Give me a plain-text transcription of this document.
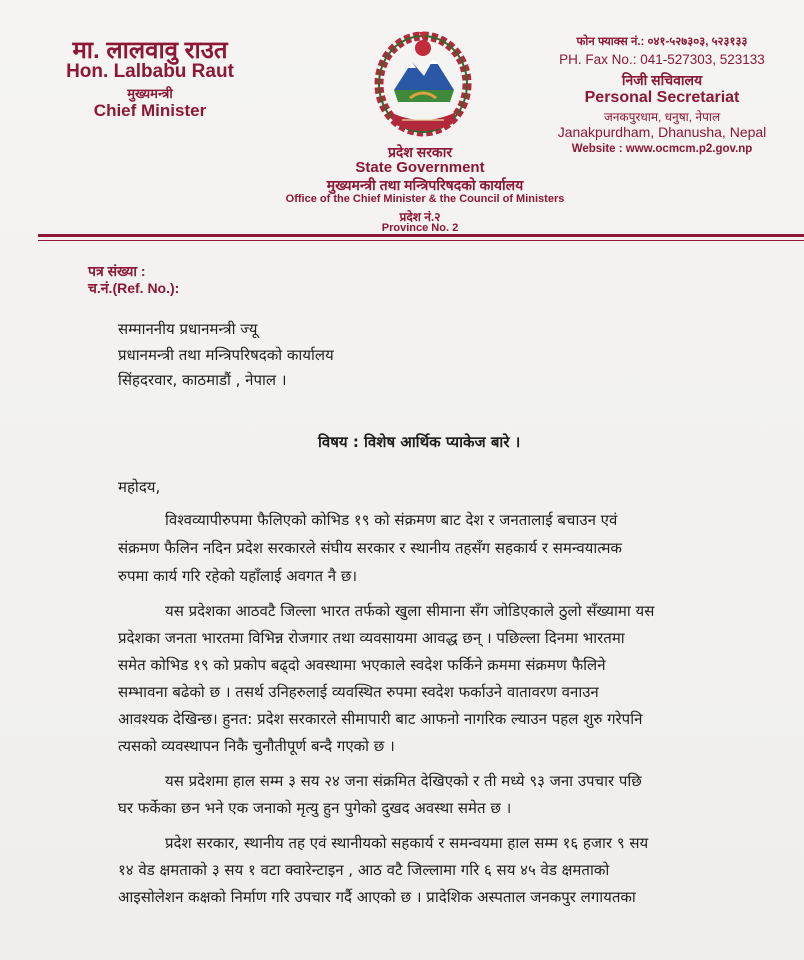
मा. लालवावु राउत
Hon. Lalbabu Raut
मुख्यमन्त्री
Chief Minister
प्रदेश सरकार
State Government
मुख्यमन्त्री तथा मन्त्रिपरिषदको कार्यालय
Office of the Chief Minister & the Council of Ministers
प्रदेश नं.२
Province No. 2
फोन फ्याक्स नं.: ०४१-५२७३०३, ५२३१३३
PH. Fax No.: 041-527303, 523133
निजी सचिवालय
Personal Secretariat
जनकपुरधाम, धनुषा, नेपाल
Janakpurdham, Dhanusha, Nepal
Website : www.ocmcm.p2.gov.np
पत्र संख्या :
च.नं.(Ref. No.):
सम्माननीय प्रधानमन्त्री ज्यू
प्रधानमन्त्री तथा मन्त्रिपरिषदको कार्यालय
सिंहदरवार, काठमाडौं , नेपाल ।
विषय : विशेष आर्थिक प्याकेज बारे ।
महोदय,
विश्वव्यापीरुपमा फैलिएको कोभिड १९ को संक्रमण बाट देश र जनतालाई बचाउन एवं
संक्रमण फैलिन नदिन प्रदेश सरकारले संघीय सरकार र स्थानीय तहसँग सहकार्य र समन्वयात्मक
रुपमा कार्य गरि रहेको यहाँलाई अवगत नै छ।
यस प्रदेशका आठवटै जिल्ला भारत तर्फको खुला सीमाना सँग जोडिएकाले ठुलो सँख्यामा यस
प्रदेशका जनता भारतमा विभिन्न रोजगार तथा व्यवसायमा आवद्ध छन् । पछिल्ला दिनमा भारतमा
समेत कोभिड १९ को प्रकोप बढ्दो अवस्थामा भएकाले स्वदेश फर्किने क्रममा संक्रमण फैलिने
सम्भावना बढेको छ । तसर्थ उनिहरुलाई व्यवस्थित रुपमा स्वदेश फर्काउने वातावरण वनाउन
आवश्यक देखिन्छ। हुनत: प्रदेश सरकारले सीमापारी बाट आफनो नागरिक ल्याउन पहल शुरु गरेपनि
त्यसको व्यवस्थापन निकै चुनौतीपूर्ण बन्दै गएको छ ।
यस प्रदेशमा हाल सम्म ३ सय २४ जना संक्रमित देखिएको र ती मध्ये ९३ जना उपचार पछि
घर फर्केका छन भने एक जनाको मृत्यु हुन पुगेको दुखद अवस्था समेत छ ।
प्रदेश सरकार, स्थानीय तह एवं स्थानीयको सहकार्य र समन्वयमा हाल सम्म १६ हजार ९ सय
१४ वेड क्षमताको ३ सय १ वटा क्वारेन्टाइन , आठ वटै जिल्लामा गरि ६ सय ४५ वेड क्षमताको
आइसोलेशन कक्षको निर्माण गरि उपचार गर्दै आएको छ । प्रादेशिक अस्पताल जनकपुर लगायतका
